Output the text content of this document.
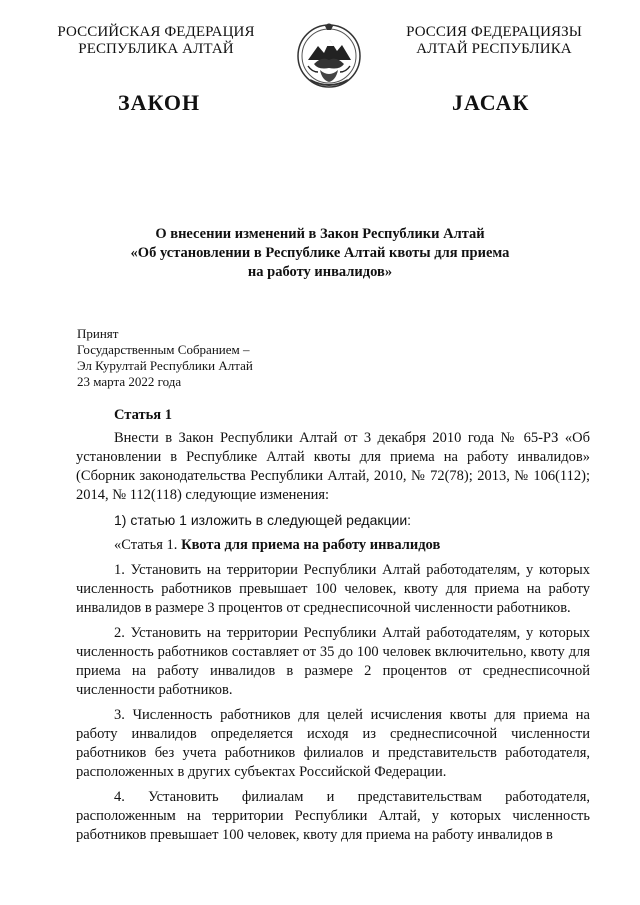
РОССИЙСКАЯ ФЕДЕРАЦИЯ
РЕСПУБЛИКА АЛТАЙ
РОССИЯ ФЕДЕРАЦИЯЗЫ
АЛТАЙ РЕСПУБЛИКА
ЗАКОН	JАСАК
О внесении изменений в Закон Республики Алтай
«Об установлении в Республике Алтай квоты для приема
на работу инвалидов»
Принят
Государственным Собранием –
Эл Курултай Республики Алтай
23 марта 2022 года
Статья 1

Внести в Закон Республики Алтай от 3 декабря 2010 года № 65-РЗ «Об установлении в Республике Алтай квоты для приема на работу инвалидов» (Сборник законодательства Республики Алтай, 2010, № 72(78); 2013, № 106(112); 2014, № 112(118) следующие изменения:

1) статью 1 изложить в следующей редакции:

«Статья 1. Квота для приема на работу инвалидов

1. Установить на территории Республики Алтай работодателям, у которых численность работников превышает 100 человек, квоту для приема на работу инвалидов в размере 3 процентов от среднесписочной численности работников.

2. Установить на территории Республики Алтай работодателям, у которых численность работников составляет от 35 до 100 человек включительно, квоту для приема на работу инвалидов в размере 2 процентов от среднесписочной численности работников.

3. Численность работников для целей исчисления квоты для приема на работу инвалидов определяется исходя из среднесписочной численности работников без учета работников филиалов и представительств работодателя, расположенных в других субъектах Российской Федерации.

4. Установить филиалам и представительствам работодателя, расположенным на территории Республики Алтай, у которых численность работников превышает 100 человек, квоту для приема на работу инвалидов в
